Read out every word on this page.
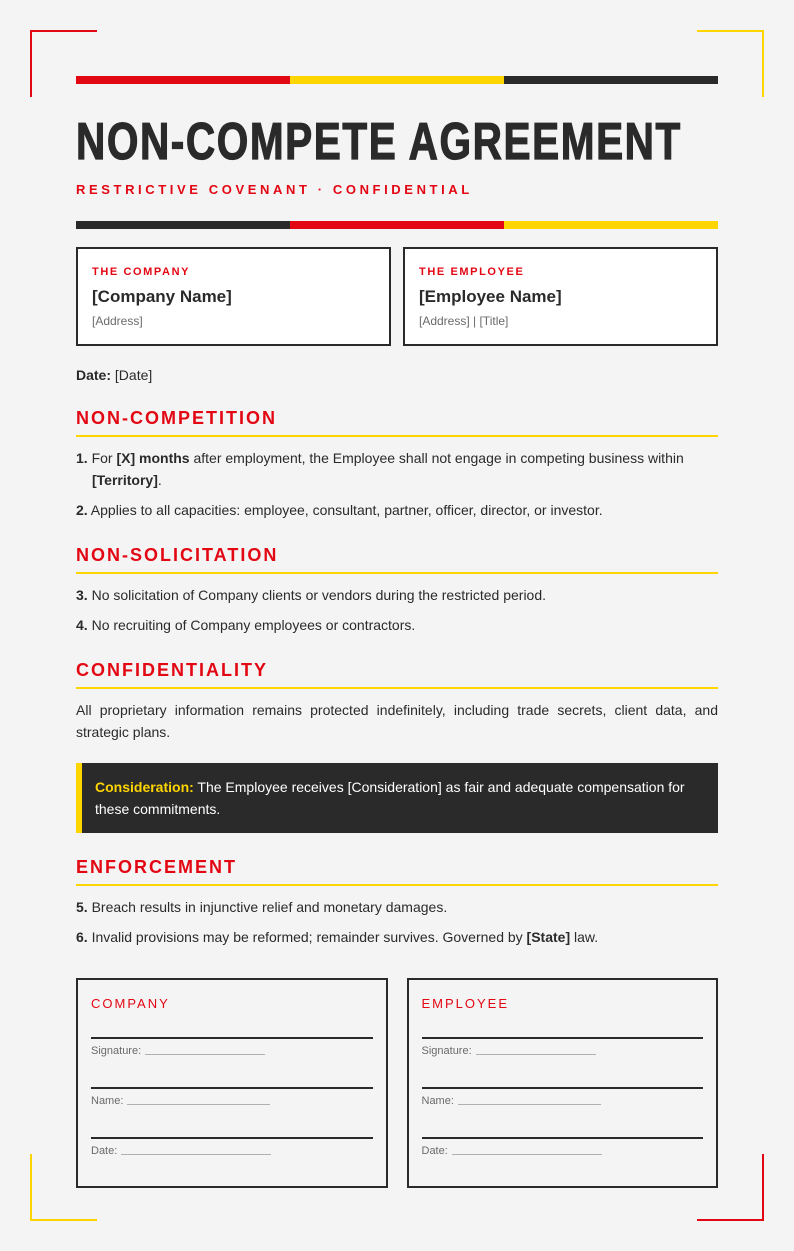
NON-COMPETE AGREEMENT
RESTRICTIVE COVENANT · CONFIDENTIAL
THE COMPANY
[Company Name]
[Address]
THE EMPLOYEE
[Employee Name]
[Address] | [Title]
Date: [Date]
NON-COMPETITION

1. For [X] months after employment, the Employee shall not engage in competing business within [Territory].

2. Applies to all capacities: employee, consultant, partner, officer, director, or investor.

NON-SOLICITATION

3. No solicitation of Company clients or vendors during the restricted period.

4. No recruiting of Company employees or contractors.

CONFIDENTIALITY

All proprietary information remains protected indefinitely, including trade secrets, client data, and strategic plans.

Consideration: The Employee receives [Consideration] as fair and adequate compensation for these commitments.
ENFORCEMENT

5. Breach results in injunctive relief and monetary damages.

6. Invalid provisions may be reformed; remainder survives. Governed by [State] law.

COMPANY
Signature:
Name:
Date:
EMPLOYEE
Signature:
Name:
Date:
